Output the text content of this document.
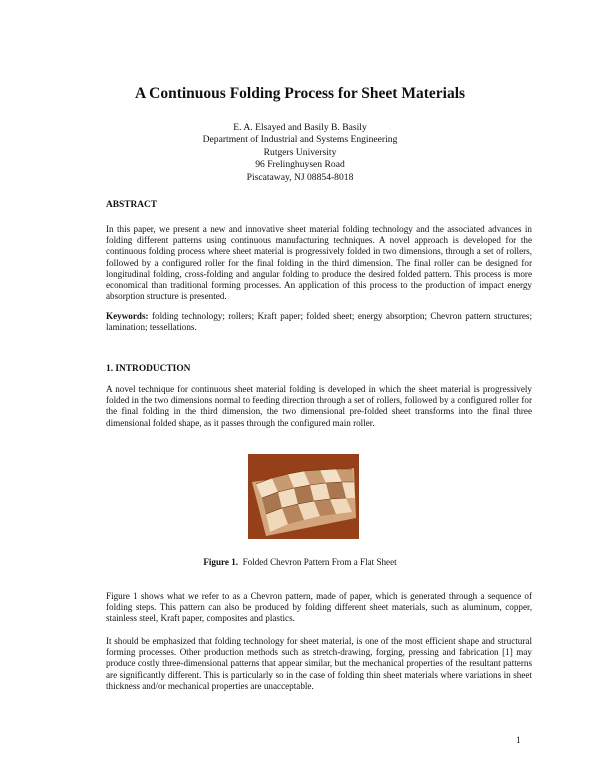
A Continuous Folding Process for Sheet Materials
E. A. Elsayed and Basily B. Basily
Department of Industrial and Systems Engineering
Rutgers University
96 Frelinghuysen Road
Piscataway, NJ 08854-8018
ABSTRACT

In this paper, we present a new and innovative sheet material folding technology and the associated advances in folding different patterns using continuous manufacturing techniques. A novel approach is developed for the continuous folding process where sheet material is progressively folded in two dimensions, through a set of rollers, followed by a configured roller for the final folding in the third dimension. The final roller can be designed for longitudinal folding, cross-folding and angular folding to produce the desired folded pattern. This process is more economical than traditional forming processes. An application of this process to the production of impact energy absorption structure is presented.

Keywords: folding technology; rollers; Kraft paper; folded sheet; energy absorption; Chevron pattern structures; lamination; tessellations.

1. INTRODUCTION

A novel technique for continuous sheet material folding is developed in which the sheet material is progressively folded in the two dimensions normal to feeding direction through a set of rollers, followed by a configured roller for the final folding in the third dimension, the two dimensional pre-folded sheet transforms into the final three dimensional folded shape, as it passes through the configured main roller.

Figure 1. Folded Chevron Pattern From a Flat Sheet

Figure 1 shows what we refer to as a Chevron pattern, made of paper, which is generated through a sequence of folding steps. This pattern can also be produced by folding different sheet materials, such as aluminum, copper, stainless steel, Kraft paper, composites and plastics.

It should be emphasized that folding technology for sheet material, is one of the most efficient shape and structural forming processes. Other production methods such as stretch-drawing, forging, pressing and fabrication [1] may produce costly three-dimensional patterns that appear similar, but the mechanical properties of the resultant patterns are significantly different. This is particularly so in the case of folding thin sheet materials where variations in sheet thickness and/or mechanical properties are unacceptable.

1
